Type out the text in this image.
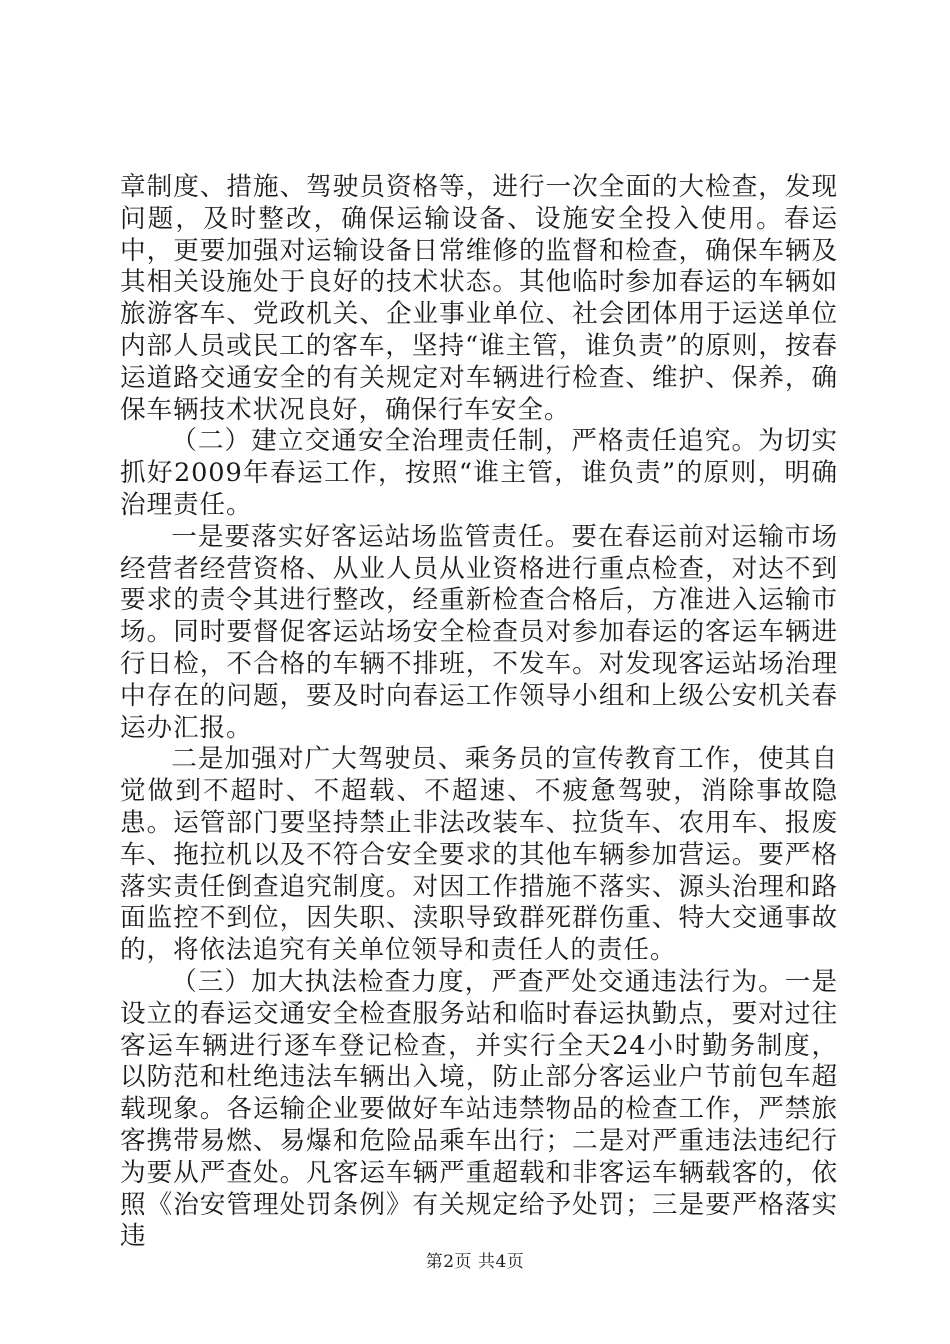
章制度、措施、驾驶员资格等，进行一次全面的大检查，发现问题，及时整改，确保运输设备、设施安全投入使用。春运中，更要加强对运输设备日常维修的监督和检查，确保车辆及其相关设施处于良好的技术状态。其他临时参加春运的车辆如旅游客车、党政机关、企业事业单位、社会团体用于运送单位内部人员或民工的客车，坚持“谁主管，谁负责”的原则，按春运道路交通安全的有关规定对车辆进行检查、维护、保养，确保车辆技术状况良好，确保行车安全。

（二）建立交通安全治理责任制，严格责任追究。为切实抓好2009年春运工作，按照“谁主管，谁负责”的原则，明确治理责任。

一是要落实好客运站场监管责任。要在春运前对运输市场经营者经营资格、从业人员从业资格进行重点检查，对达不到要求的责令其进行整改，经重新检查合格后，方准进入运输市场。同时要督促客运站场安全检查员对参加春运的客运车辆进行日检，不合格的车辆不排班，不发车。对发现客运站场治理中存在的问题，要及时向春运工作领导小组和上级公安机关春运办汇报。

二是加强对广大驾驶员、乘务员的宣传教育工作，使其自觉做到不超时、不超载、不超速、不疲惫驾驶，消除事故隐患。运管部门要坚持禁止非法改装车、拉货车、农用车、报废车、拖拉机以及不符合安全要求的其他车辆参加营运。要严格落实责任倒查追究制度。对因工作措施不落实、源头治理和路面监控不到位，因失职、渎职导致群死群伤重、特大交通事故的，将依法追究有关单位领导和责任人的责任。

（三）加大执法检查力度，严查严处交通违法行为。一是设立的春运交通安全检查服务站和临时春运执勤点，要对过往客运车辆进行逐车登记检查，并实行全天24小时勤务制度，以防范和杜绝违法车辆出入境，防止部分客运业户节前包车超载现象。各运输企业要做好车站违禁物品的检查工作，严禁旅客携带易燃、易爆和危险品乘车出行；二是对严重违法违纪行为要从严查处。凡客运车辆严重超载和非客运车辆载客的，依照《治安管理处罚条例》有关规定给予处罚；三是要严格落实违

第2页 共4页
